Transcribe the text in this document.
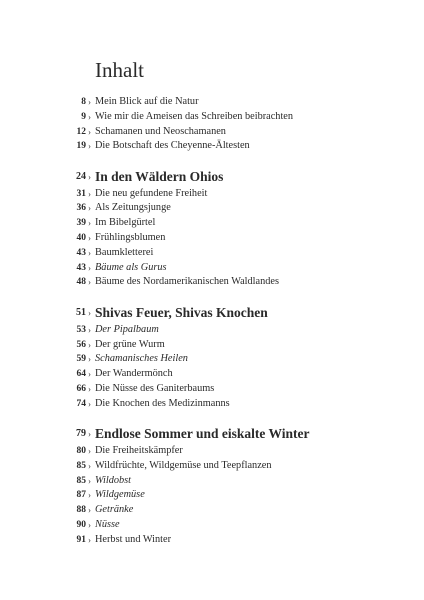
Inhalt
8 › Mein Blick auf die Natur
9 › Wie mir die Ameisen das Schreiben beibrachten
12 › Schamanen und Neoschamanen
19 › Die Botschaft des Cheyenne-Ältesten
24 › In den Wäldern Ohios
31 › Die neu gefundene Freiheit
36 › Als Zeitungsjunge
39 › Im Bibelgürtel
40 › Frühlingsblumen
43 › Baumkletterei
43 › Bäume als Gurus
48 › Bäume des Nordamerikanischen Waldlandes
51 › Shivas Feuer, Shivas Knochen
53 › Der Pipalbaum
56 › Der grüne Wurm
59 › Schamanisches Heilen
64 › Der Wandermönch
66 › Die Nüsse des Ganiterbaums
74 › Die Knochen des Medizinmanns
79 › Endlose Sommer und eiskalte Winter
80 › Die Freiheitskämpfer
85 › Wildfrüchte, Wildgemüse und Teepflanzen
85 › Wildobst
87 › Wildgemüse
88 › Getränke
90 › Nüsse
91 › Herbst und Winter
